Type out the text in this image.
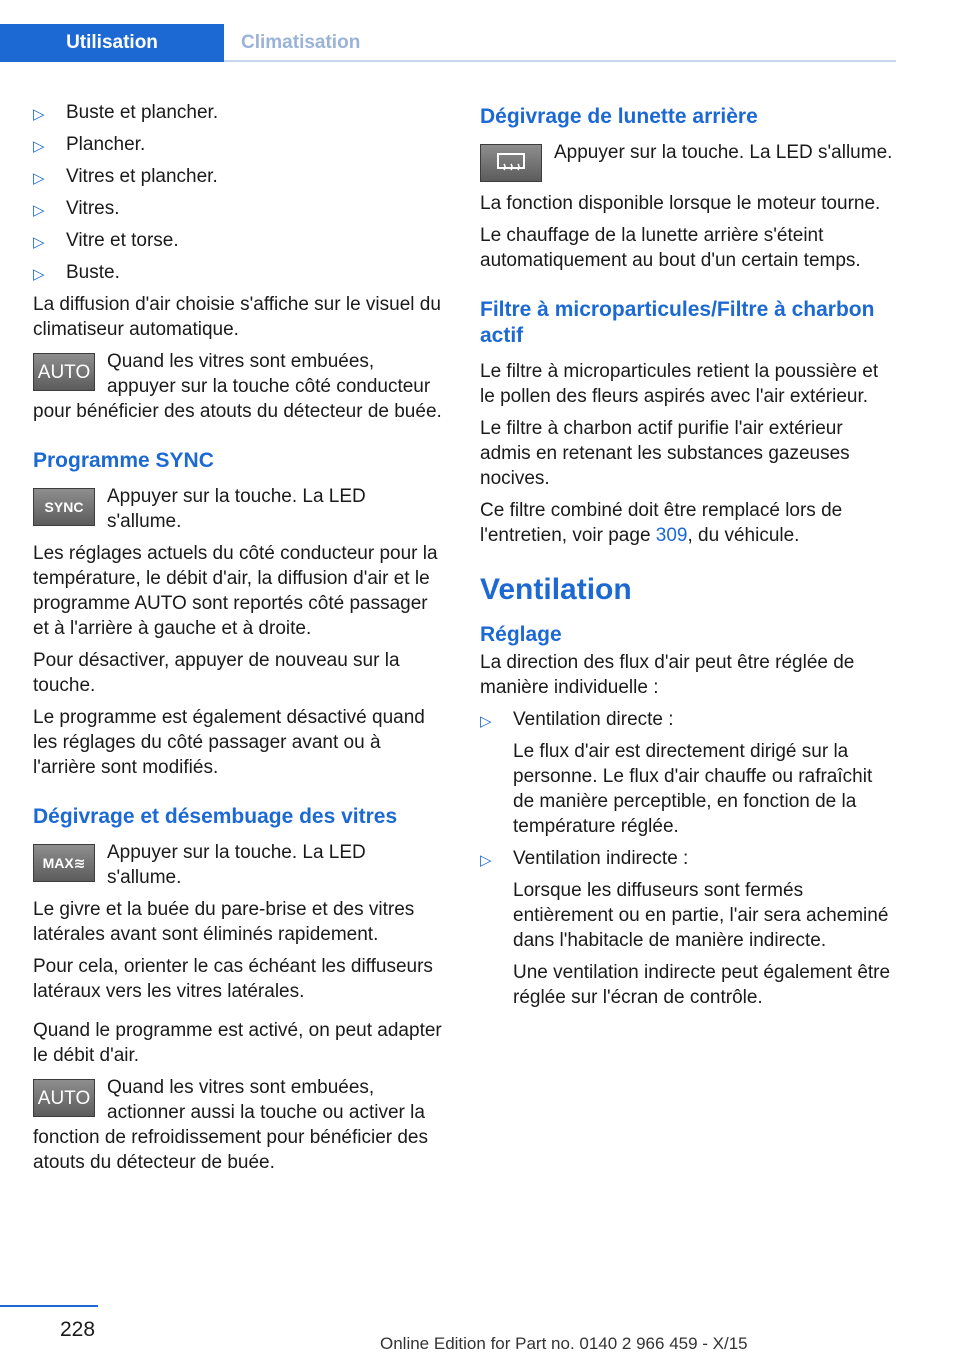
Utilisation	Climatisation
▷	Buste et plancher.
▷	Plancher.
▷	Vitres et plancher.
▷	Vitres.
▷	Vitre et torse.
▷	Buste.

La diffusion d'air choisie s'affiche sur le visuel du climatiseur automatique.

AUTO Quand les vitres sont embuées, appuyer sur la touche côté conducteur pour bénéficier des atouts du détecteur de buée.
Programme SYNC
SYNC	Appuyer sur la touche. La LED s'allume.

Les réglages actuels du côté conducteur pour la température, le débit d'air, la diffusion d'air et le programme AUTO sont reportés côté passager et à l'arrière à gauche et à droite.

Pour désactiver, appuyer de nouveau sur la touche.

Le programme est également désactivé quand les réglages du côté passager avant ou à l'arrière sont modifiés.

Dégivrage et désembuage des vitres
MAX ≋ Appuyer sur la touche. La LED s'allume.

Le givre et la buée du pare-brise et des vitres latérales avant sont éliminés rapidement.

Pour cela, orienter le cas échéant les diffuseurs latéraux vers les vitres latérales.

Quand le programme est activé, on peut adapter le débit d'air.

AUTO Quand les vitres sont embuées, actionner aussi la touche ou activer la fonction de refroidissement pour bénéficier des atouts du détecteur de buée.
Dégivrage de lunette arrière
Appuyer sur la touche. La LED s'allume.

La fonction disponible lorsque le moteur tourne.

Le chauffage de la lunette arrière s'éteint automatiquement au bout d'un certain temps.

Filtre à microparticules/Filtre à charbon actif

Le filtre à microparticules retient la poussière et le pollen des fleurs aspirés avec l'air extérieur.

Le filtre à charbon actif purifie l'air extérieur admis en retenant les substances gazeuses nocives.

Ce filtre combiné doit être remplacé lors de l'entretien, voir page 309, du véhicule.

Ventilation
Réglage

La direction des flux d'air peut être réglée de manière individuelle :

▷	Ventilation directe :

Le flux d'air est directement dirigé sur la personne. Le flux d'air chauffe ou rafraîchit de manière perceptible, en fonction de la température réglée.

▷	Ventilation indirecte :

Lorsque les diffuseurs sont fermés entièrement ou en partie, l'air sera acheminé dans l'habitacle de manière indirecte.

Une ventilation indirecte peut également être réglée sur l'écran de contrôle.

228
Online Edition for Part no. 0140 2 966 459 - X/15
